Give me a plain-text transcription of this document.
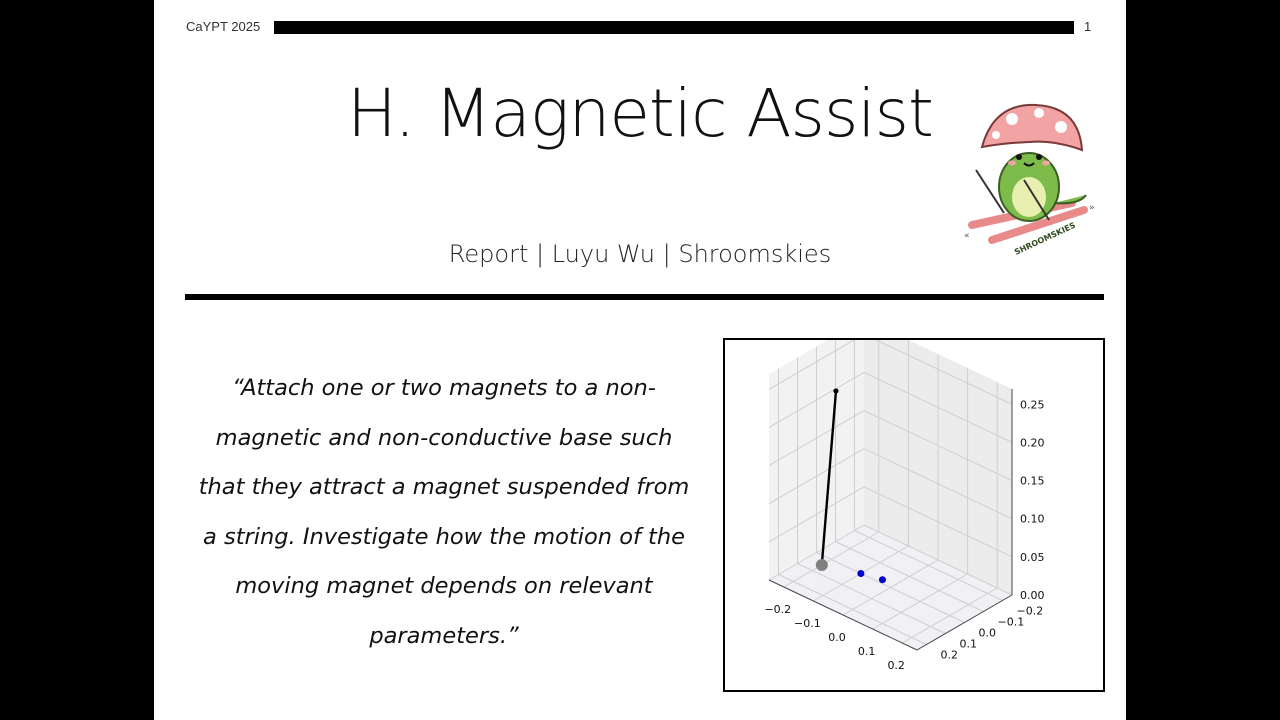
CaYPT 2025	1
H. Magnetic Assist
Report | Luyu Wu | Shroomskies
“Attach one or two magnets to a non-magnetic and non-conductive base such that they attract a magnet suspended from a string. Investigate how the motion of the moving magnet depends on relevant parameters.”
−0.2
−0.1
0.0
0.1
0.2
−0.2
−0.1
0.0
0.1
0.2
0.00
0.05
0.10
0.15
0.20
0.25
«
»
SHROOMSKIES
